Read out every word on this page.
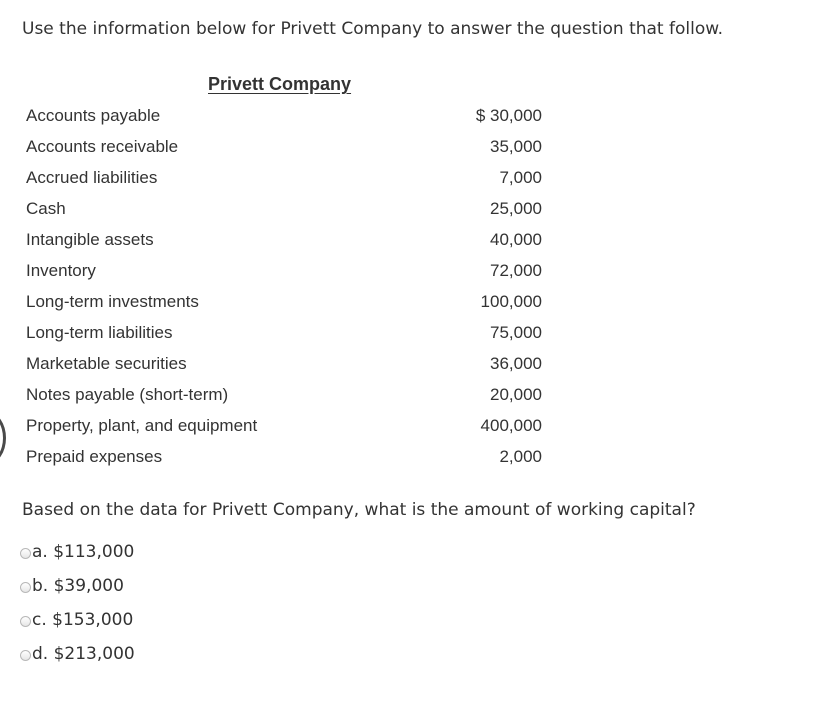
Use the information below for Privett Company to answer the question that follow.
Privett Company
Accounts payable	$ 30,000
Accounts receivable	35,000
Accrued liabilities	7,000
Cash	25,000
Intangible assets	40,000
Inventory	72,000
Long-term investments	100,000
Long-term liabilities	75,000
Marketable securities	36,000
Notes payable (short-term)	20,000
Property, plant, and equipment	400,000
Prepaid expenses	2,000
Based on the data for Privett Company, what is the amount of working capital?
a. $113,000
b. $39,000
c. $153,000
d. $213,000
